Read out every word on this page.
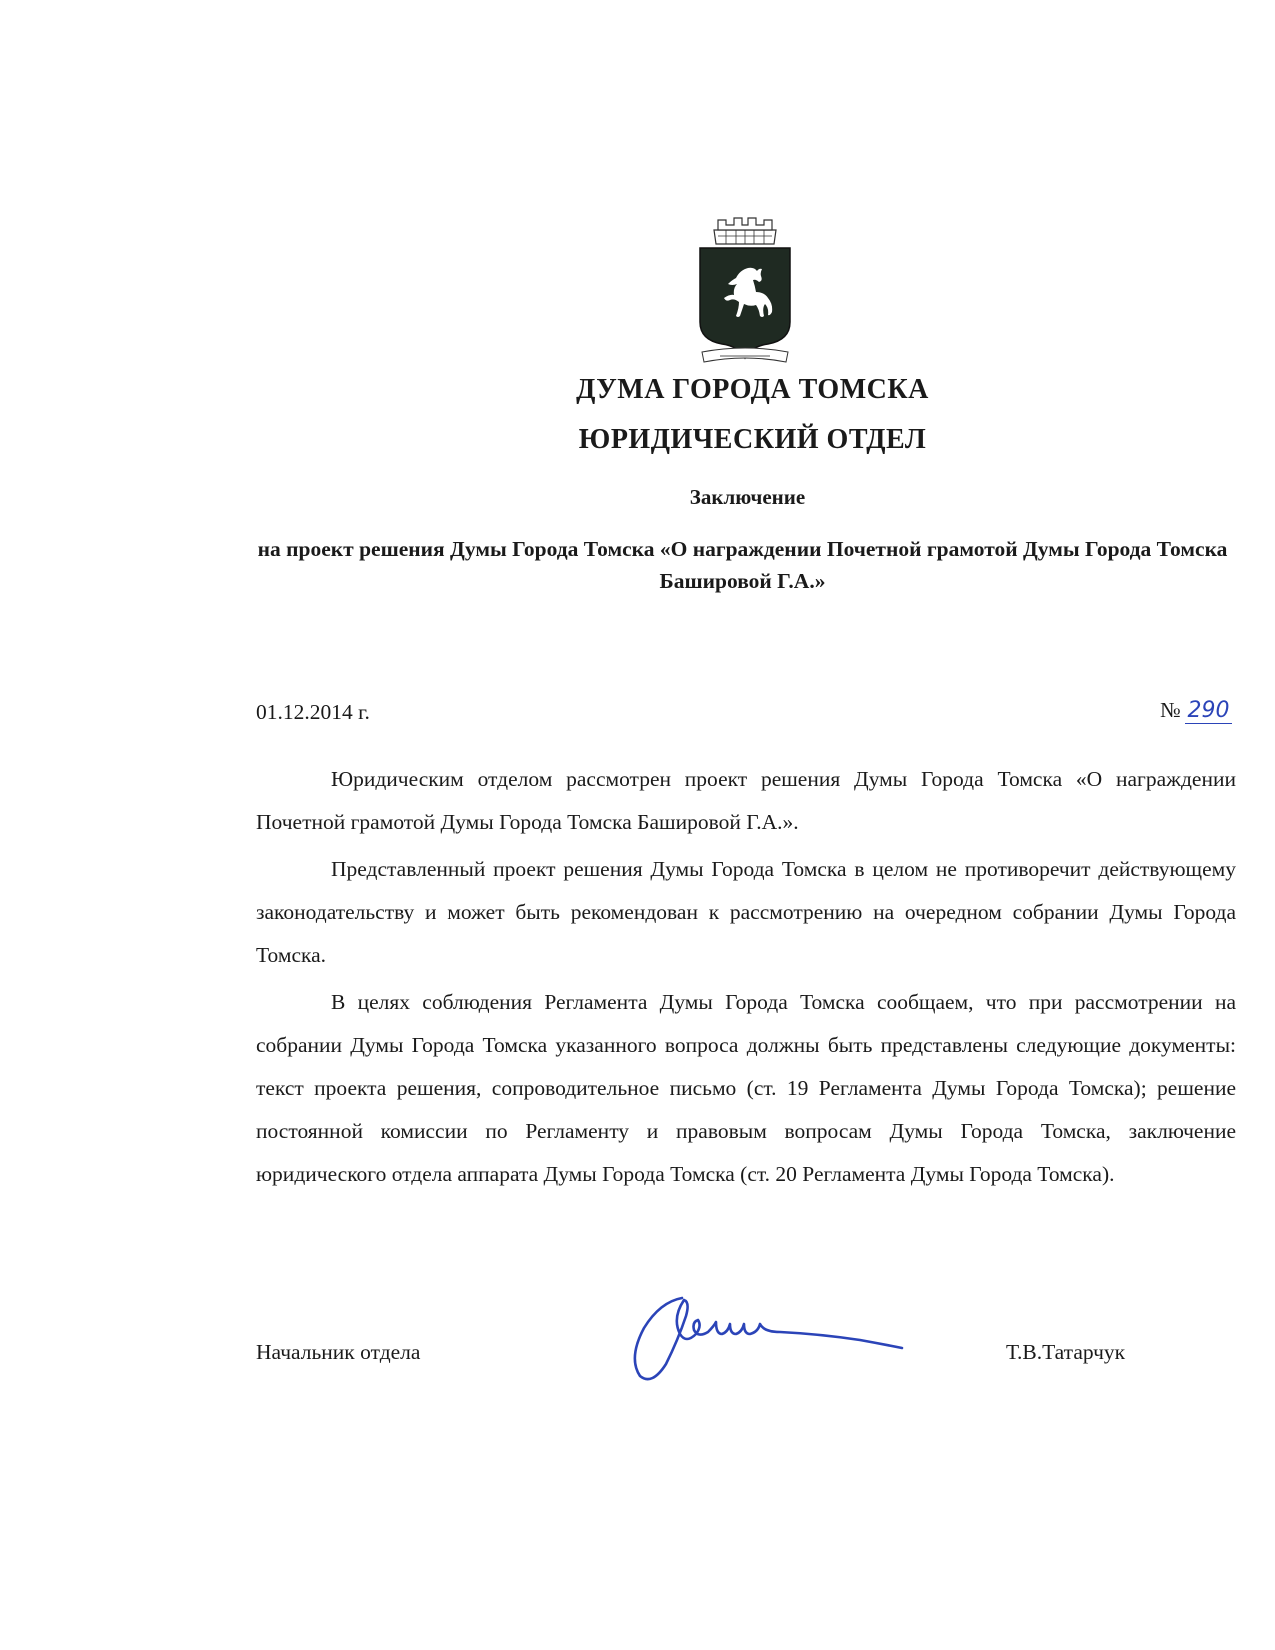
ДУМА ГОРОДА ТОМСКА
ЮРИДИЧЕСКИЙ ОТДЕЛ
Заключение
на проект решения Думы Города Томска «О награждении Почетной грамотой Думы Города Томска Башировой Г.А.»
01.12.2014 г.	№ 290

Юридическим отделом рассмотрен проект решения Думы Города Томска «О награждении Почетной грамотой Думы Города Томска Башировой Г.А.».

Представленный проект решения Думы Города Томска в целом не противоречит действующему законодательству и может быть рекомендован к рассмотрению на очередном собрании Думы Города Томска.

В целях соблюдения Регламента Думы Города Томска сообщаем, что при рассмотрении на собрании Думы Города Томска указанного вопроса должны быть представлены следующие документы: текст проекта решения, сопроводительное письмо (ст. 19 Регламента Думы Города Томска); решение постоянной комиссии по Регламенту и правовым вопросам Думы Города Томска, заключение юридического отдела аппарата Думы Города Томска (ст. 20 Регламента Думы Города Томска).

Начальник отдела	Т.В.Татарчук
